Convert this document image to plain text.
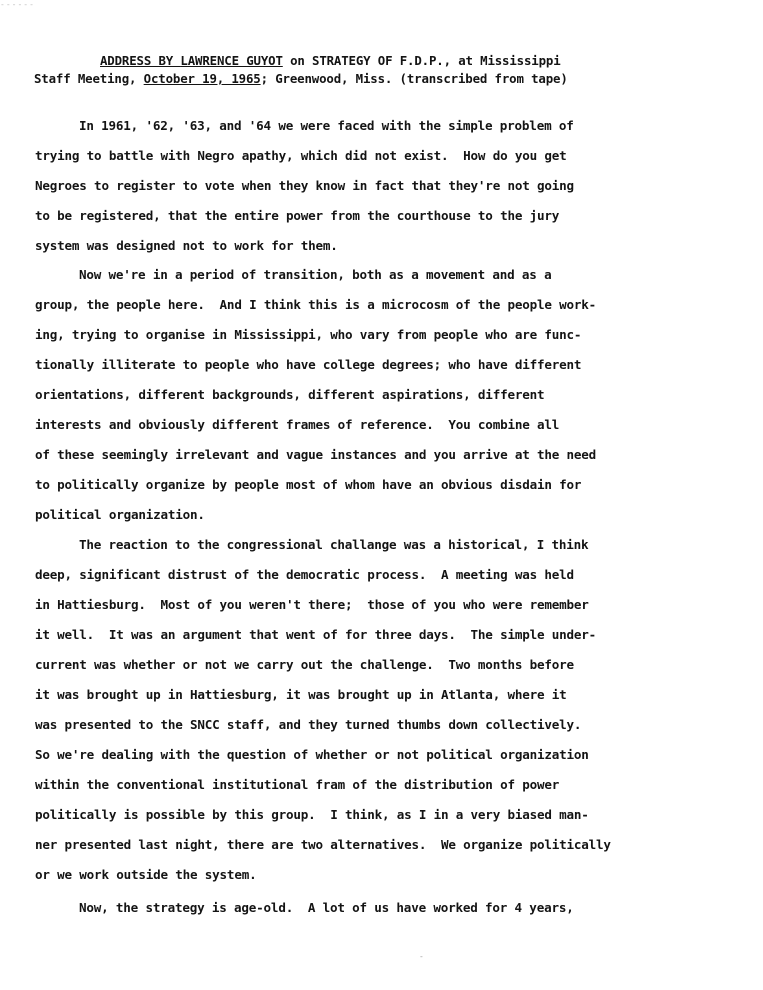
------
ADDRESS BY LAWRENCE GUYOT on STRATEGY OF F.D.P., at Mississippi
Staff Meeting, October 19, 1965; Greenwood, Miss. (transcribed from tape)
In 1961, '62, '63, and '64 we were faced with the simple problem of
trying to battle with Negro apathy, which did not exist.  How do you get
Negroes to register to vote when they know in fact that they're not going
to be registered, that the entire power from the courthouse to the jury
system was designed not to work for them.
Now we're in a period of transition, both as a movement and as a
group, the people here.  And I think this is a microcosm of the people work-
ing, trying to organise in Mississippi, who vary from people who are func-
tionally illiterate to people who have college degrees; who have different
orientations, different backgrounds, different aspirations, different
interests and obviously different frames of reference.  You combine all
of these seemingly irrelevant and vague instances and you arrive at the need
to politically organize by people most of whom have an obvious disdain for
political organization.
The reaction to the congressional challange was a historical, I think
deep, significant distrust of the democratic process.  A meeting was held
in Hattiesburg.  Most of you weren't there;  those of you who were remember
it well.  It was an argument that went of for three days.  The simple under-
current was whether or not we carry out the challenge.  Two months before
it was brought up in Hattiesburg, it was brought up in Atlanta, where it
was presented to the SNCC staff, and they turned thumbs down collectively.
So we're dealing with the question of whether or not political organization
within the conventional institutional fram of the distribution of power
politically is possible by this group.  I think, as I in a very biased man-
ner presented last night, there are two alternatives.  We organize politically
or we work outside the system.
Now, the strategy is age-old.  A lot of us have worked for 4 years,
-
